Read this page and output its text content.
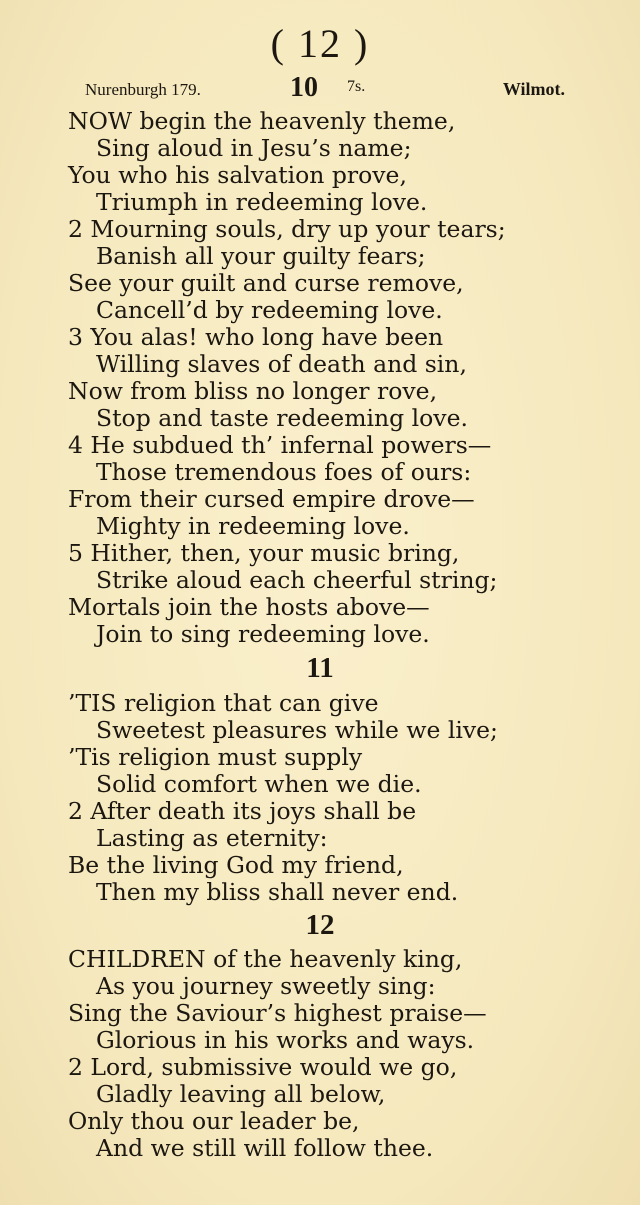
( 12 )
Nurenburgh 179.	10 7s.	Wilmot.
NOW begin the heavenly theme,
Sing aloud in Jesu’s name;
You who his salvation prove,
Triumph in redeeming love.
2 Mourning souls, dry up your tears;
Banish all your guilty fears;
See your guilt and curse remove,
Cancell’d by redeeming love.
3 You alas! who long have been
Willing slaves of death and sin,
Now from bliss no longer rove,
Stop and taste redeeming love.
4 He subdued th’ infernal powers—
Those tremendous foes of ours:
From their cursed empire drove—
Mighty in redeeming love.
5 Hither, then, your music bring,
Strike aloud each cheerful string;
Mortals join the hosts above—
Join to sing redeeming love.
11
’TIS religion that can give
Sweetest pleasures while we live;
’Tis religion must supply
Solid comfort when we die.
2 After death its joys shall be
Lasting as eternity:
Be the living God my friend,
Then my bliss shall never end.
12
CHILDREN of the heavenly king,
As you journey sweetly sing:
Sing the Saviour’s highest praise—
Glorious in his works and ways.
2 Lord, submissive would we go,
Gladly leaving all below,
Only thou our leader be,
And we still will follow thee.
